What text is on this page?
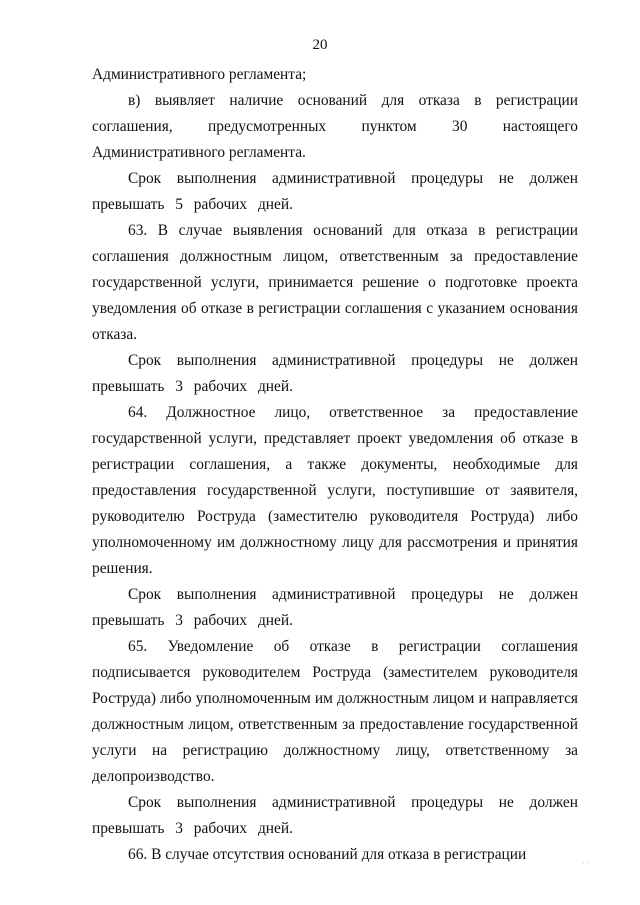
20

Административного регламента;

в) выявляет наличие оснований для отказа в регистрации соглашения, предусмотренных пунктом 30 настоящего Административного регламента.

Срок выполнения административной процедуры не должен превышать 5 рабочих дней.

63. В случае выявления оснований для отказа в регистрации соглашения должностным лицом, ответственным за предоставление государственной услуги, принимается решение о подготовке проекта уведомления об отказе в регистрации соглашения с указанием основания отказа.

Срок выполнения административной процедуры не должен превышать 3 рабочих дней.

64. Должностное лицо, ответственное за предоставление государственной услуги, представляет проект уведомления об отказе в регистрации соглашения, а также документы, необходимые для предоставления государственной услуги, поступившие от заявителя, руководителю Роструда (заместителю руководителя Роструда) либо уполномоченному им должностному лицу для рассмотрения и принятия решения.

Срок выполнения административной процедуры не должен превышать 3 рабочих дней.

65. Уведомление об отказе в регистрации соглашения подписывается руководителем Роструда (заместителем руководителя Роструда) либо уполномоченным им должностным лицом и направляется должностным лицом, ответственным за предоставление государственной услуги на регистрацию должностному лицу, ответственному за делопроизводство.

Срок выполнения административной процедуры не должен превышать 3 рабочих дней.

66. В случае отсутствия оснований для отказа в регистрации

· ·
